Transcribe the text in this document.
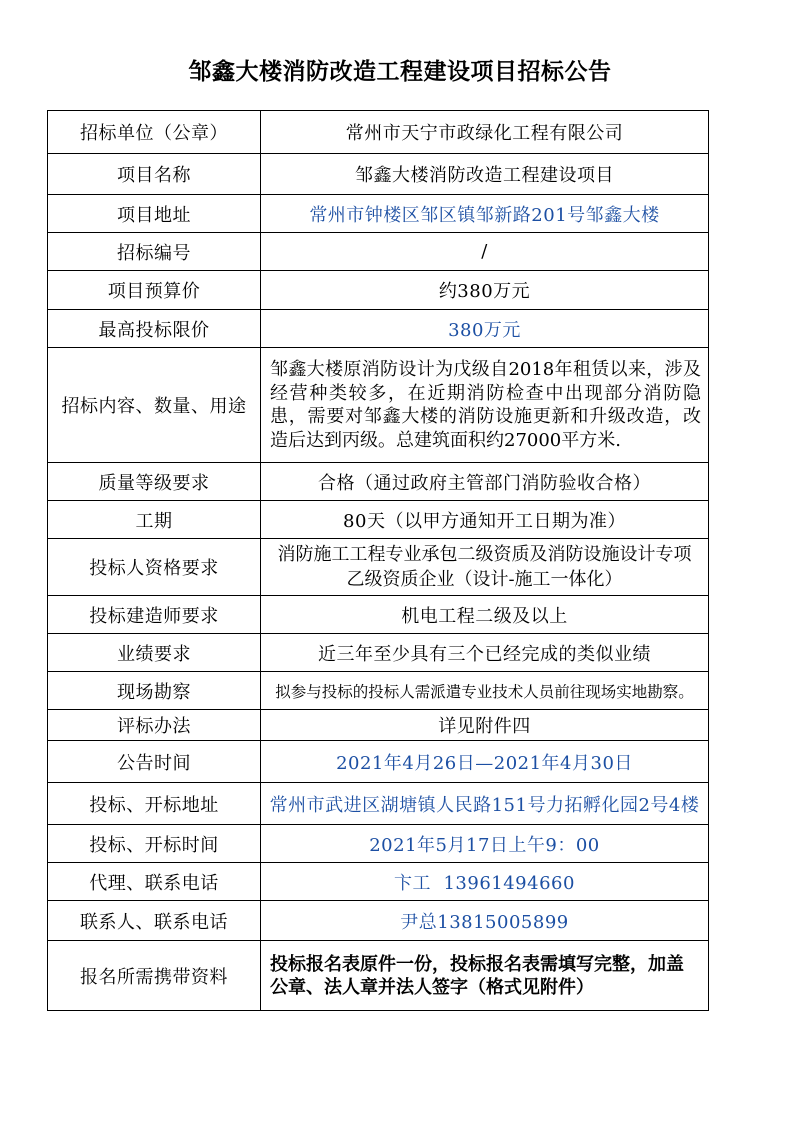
邹鑫大楼消防改造工程建设项目招标公告
招标单位（公章）	常州市天宁市政绿化工程有限公司
项目名称	邹鑫大楼消防改造工程建设项目
项目地址	常州市钟楼区邹区镇邹新路201号邹鑫大楼
招标编号	/
项目预算价	约380万元
最高投标限价	380万元
招标内容、数量、用途	邹鑫大楼原消防设计为戊级自2018年租赁以来，涉及经营种类较多，在近期消防检查中出现部分消防隐患，需要对邹鑫大楼的消防设施更新和升级改造，改造后达到丙级。总建筑面积约27000平方米.
质量等级要求	合格（通过政府主管部门消防验收合格）
工期	80天（以甲方通知开工日期为准）
投标人资格要求	消防施工工程专业承包二级资质及消防设施设计专项乙级资质企业（设计-施工一体化）
投标建造师要求	机电工程二级及以上
业绩要求	近三年至少具有三个已经完成的类似业绩
现场勘察	拟参与投标的投标人需派遣专业技术人员前往现场实地勘察。
评标办法	详见附件四
公告时间	2021年4月26日—2021年4月30日
投标、开标地址	常州市武进区湖塘镇人民路151号力拓孵化园2号4楼
投标、开标时间	2021年5月17日上午9：00
代理、联系电话	卞工  13961494660
联系人、联系电话	尹总13815005899
报名所需携带资料	投标报名表原件一份，投标报名表需填写完整，加盖公章、法人章并法人签字（格式见附件）
